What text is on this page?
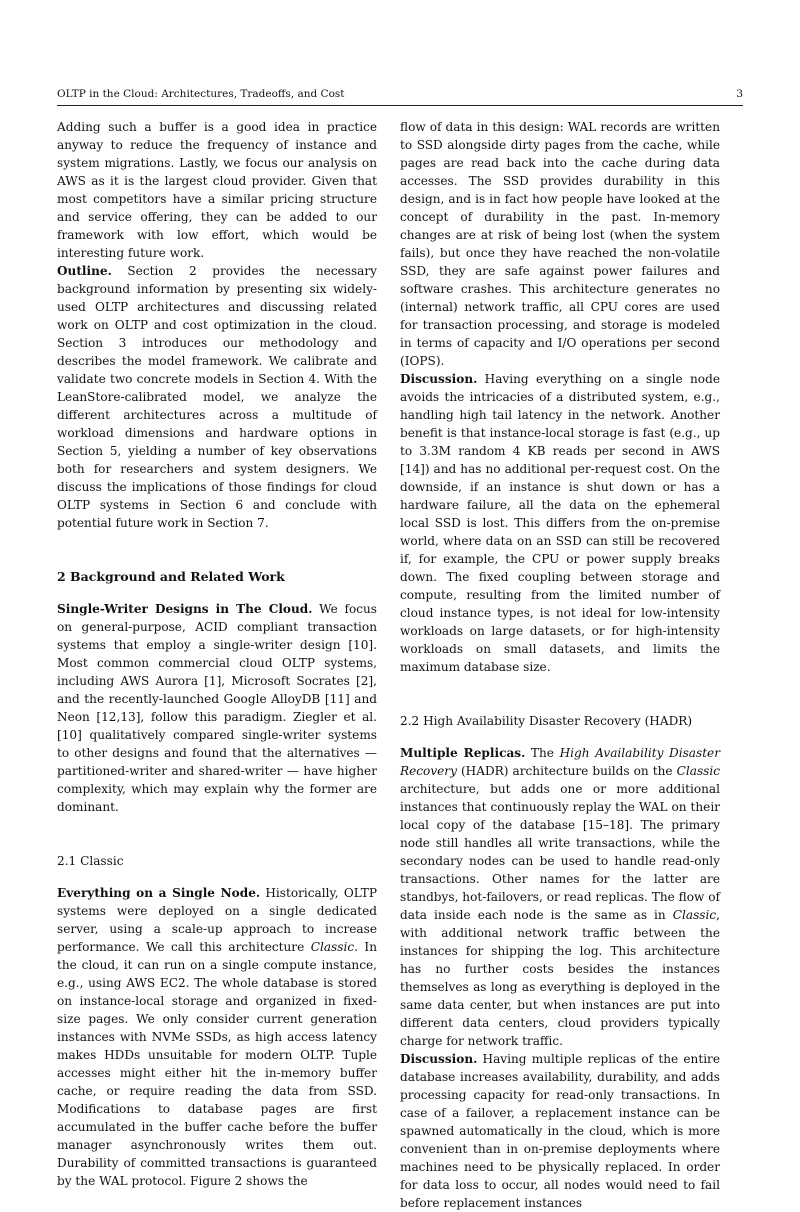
OLTP in the Cloud: Architectures, Tradeoffs, and Cost	3

Adding such a buffer is a good idea in practice anyway to reduce the frequency of instance and system migrations. Lastly, we focus our analysis on AWS as it is the largest cloud provider. Given that most competitors have a similar pricing structure and service offering, they can be added to our framework with low effort, which would be interesting future work.

Outline. Section 2 provides the necessary background information by presenting six widely-used OLTP architectures and discussing related work on OLTP and cost optimization in the cloud. Section 3 introduces our methodology and describes the model framework. We calibrate and validate two concrete models in Section 4. With the LeanStore-calibrated model, we analyze the different architectures across a multitude of workload dimensions and hardware options in Section 5, yielding a number of key observations both for researchers and system designers. We discuss the implications of those findings for cloud OLTP systems in Section 6 and conclude with potential future work in Section 7.

2 Background and Related Work

Single-Writer Designs in The Cloud. We focus on general-purpose, ACID compliant transaction systems that employ a single-writer design [10]. Most common commercial cloud OLTP systems, including AWS Aurora [1], Microsoft Socrates [2], and the recently-launched Google AlloyDB [11] and Neon [12,13], follow this paradigm. Ziegler et al. [10] qualitatively compared single-writer systems to other designs and found that the alternatives — partitioned-writer and shared-writer — have higher complexity, which may explain why the former are dominant.

2.1 Classic

Everything on a Single Node. Historically, OLTP systems were deployed on a single dedicated server, using a scale-up approach to increase performance. We call this architecture Classic. In the cloud, it can run on a single compute instance, e.g., using AWS EC2. The whole database is stored on instance-local storage and organized in fixed-size pages. We only consider current generation instances with NVMe SSDs, as high access latency makes HDDs unsuitable for modern OLTP. Tuple accesses might either hit the in-memory buffer cache, or require reading the data from SSD. Modifications to database pages are first accumulated in the buffer cache before the buffer manager asynchronously writes them out. Durability of committed transactions is guaranteed by the WAL protocol. Figure 2 shows the

flow of data in this design: WAL records are written to SSD alongside dirty pages from the cache, while pages are read back into the cache during data accesses. The SSD provides durability in this design, and is in fact how people have looked at the concept of durability in the past. In-memory changes are at risk of being lost (when the system fails), but once they have reached the non-volatile SSD, they are safe against power failures and software crashes. This architecture generates no (internal) network traffic, all CPU cores are used for transaction processing, and storage is modeled in terms of capacity and I/O operations per second (IOPS).

Discussion. Having everything on a single node avoids the intricacies of a distributed system, e.g., handling high tail latency in the network. Another benefit is that instance-local storage is fast (e.g., up to 3.3M random 4 KB reads per second in AWS [14]) and has no additional per-request cost. On the downside, if an instance is shut down or has a hardware failure, all the data on the ephemeral local SSD is lost. This differs from the on-premise world, where data on an SSD can still be recovered if, for example, the CPU or power supply breaks down. The fixed coupling between storage and compute, resulting from the limited number of cloud instance types, is not ideal for low-intensity workloads on large datasets, or for high-intensity workloads on small datasets, and limits the maximum database size.

2.2 High Availability Disaster Recovery (HADR)

Multiple Replicas. The High Availability Disaster Recovery (HADR) architecture builds on the Classic architecture, but adds one or more additional instances that continuously replay the WAL on their local copy of the database [15–18]. The primary node still handles all write transactions, while the secondary nodes can be used to handle read-only transactions. Other names for the latter are standbys, hot-failovers, or read replicas. The flow of data inside each node is the same as in Classic, with additional network traffic between the instances for shipping the log. This architecture has no further costs besides the instances themselves as long as everything is deployed in the same data center, but when instances are put into different data centers, cloud providers typically charge for network traffic.

Discussion. Having multiple replicas of the entire database increases availability, durability, and adds processing capacity for read-only transactions. In case of a failover, a replacement instance can be spawned automatically in the cloud, which is more convenient than in on-premise deployments where machines need to be physically replaced. In order for data loss to occur, all nodes would need to fail before replacement instances
